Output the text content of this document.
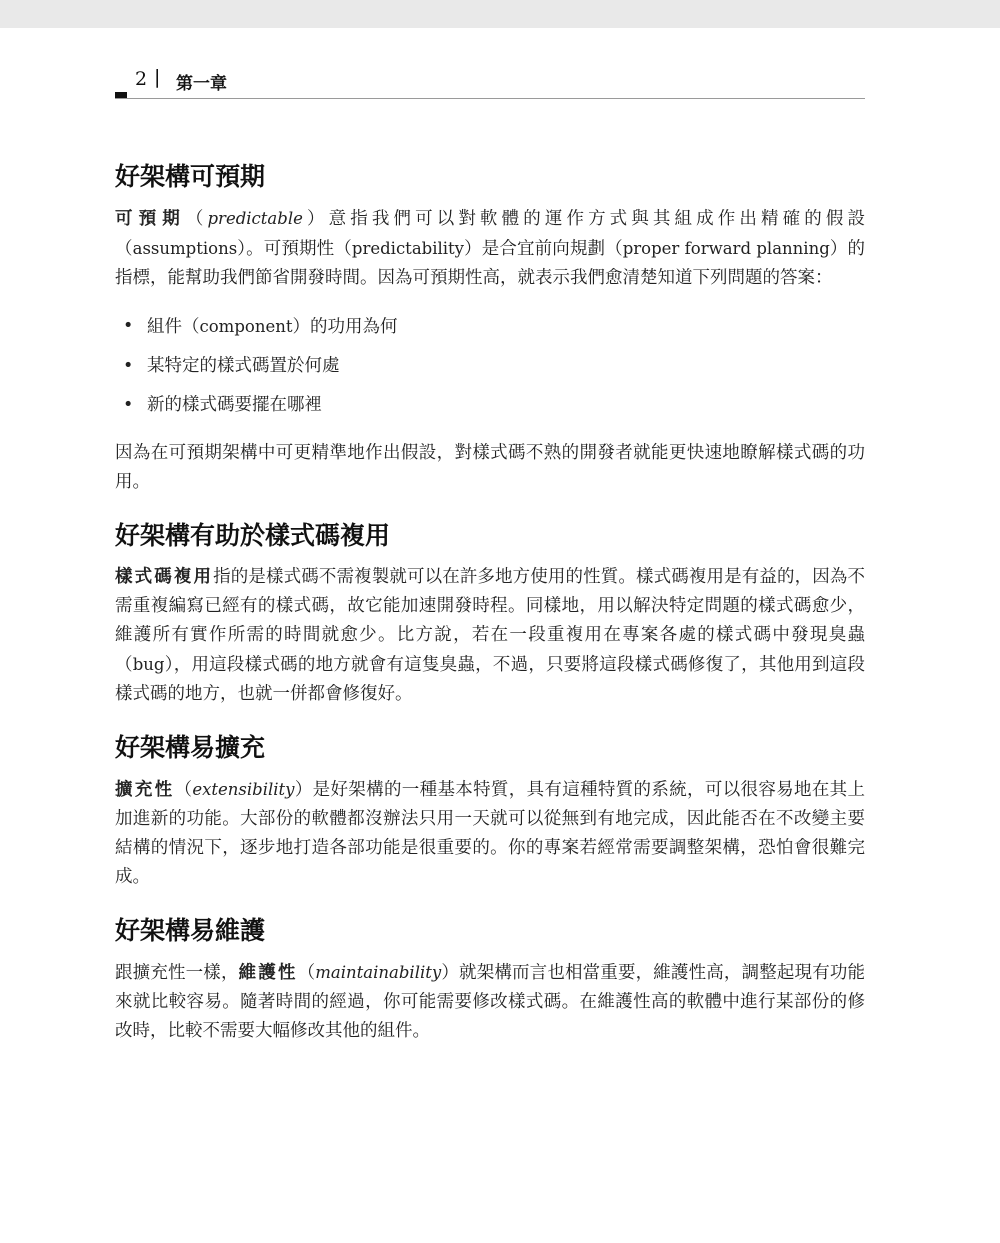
2 | 第一章
好架構可預期

可預期（predictable）意指我們可以對軟體的運作方式與其組成作出精確的假設（assumptions）。可預期性（predictability）是合宜前向規劃（proper forward planning）的指標，能幫助我們節省開發時間。因為可預期性高，就表示我們愈清楚知道下列問題的答案：

• 組件（component）的功用為何
• 某特定的樣式碼置於何處
• 新的樣式碼要擺在哪裡

因為在可預期架構中可更精準地作出假設，對樣式碼不熟的開發者就能更快速地瞭解樣式碼的功用。

好架構有助於樣式碼複用

樣式碼複用指的是樣式碼不需複製就可以在許多地方使用的性質。樣式碼複用是有益的，因為不需重複編寫已經有的樣式碼，故它能加速開發時程。同樣地，用以解決特定問題的樣式碼愈少，維護所有實作所需的時間就愈少。比方說，若在一段重複用在專案各處的樣式碼中發現臭蟲（bug），用這段樣式碼的地方就會有這隻臭蟲，不過，只要將這段樣式碼修復了，其他用到這段樣式碼的地方，也就一併都會修復好。

好架構易擴充

擴充性（extensibility）是好架構的一種基本特質，具有這種特質的系統，可以很容易地在其上加進新的功能。大部份的軟體都沒辦法只用一天就可以從無到有地完成，因此能否在不改變主要結構的情況下，逐步地打造各部功能是很重要的。你的專案若經常需要調整架構，恐怕會很難完成。

好架構易維護

跟擴充性一樣，維護性（maintainability）就架構而言也相當重要，維護性高，調整起現有功能來就比較容易。隨著時間的經過，你可能需要修改樣式碼。在維護性高的軟體中進行某部份的修改時，比較不需要大幅修改其他的組件。
